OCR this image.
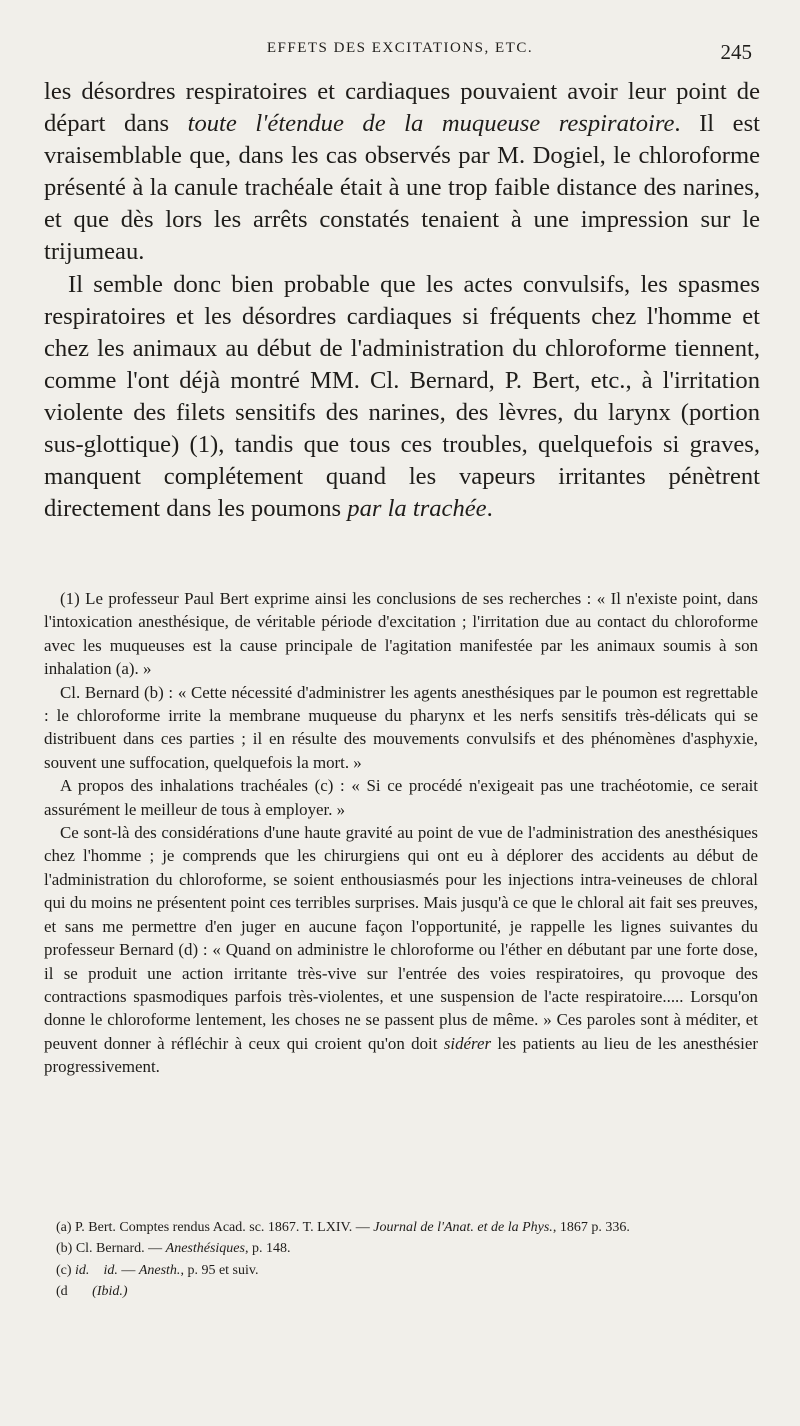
EFFETS DES EXCITATIONS, ETC.	245

les désordres respiratoires et cardiaques pouvaient avoir leur point de départ dans toute l'étendue de la muqueuse respiratoire. Il est vraisemblable que, dans les cas observés par M. Dogiel, le chloroforme présenté à la canule trachéale était à une trop faible distance des narines, et que dès lors les arrêts constatés tenaient à une impression sur le trijumeau.

Il semble donc bien probable que les actes convulsifs, les spasmes respiratoires et les désordres cardiaques si fréquents chez l'homme et chez les animaux au début de l'administration du chloroforme tiennent, comme l'ont déjà montré MM. Cl. Bernard, P. Bert, etc., à l'irritation violente des filets sensitifs des narines, des lèvres, du larynx (portion sus-glottique) (1), tandis que tous ces troubles, quelquefois si graves, manquent complétement quand les vapeurs irritantes pénètrent directement dans les poumons par la trachée.

(1) Le professeur Paul Bert exprime ainsi les conclusions de ses recherches : « Il n'existe point, dans l'intoxication anesthésique, de véritable période d'excitation ; l'irritation due au contact du chloroforme avec les muqueuses est la cause principale de l'agitation manifestée par les animaux soumis à son inhalation (a). »

Cl. Bernard (b) : « Cette nécessité d'administrer les agents anesthésiques par le poumon est regrettable : le chloroforme irrite la membrane muqueuse du pharynx et les nerfs sensitifs très-délicats qui se distribuent dans ces parties ; il en résulte des mouvements convulsifs et des phénomènes d'asphyxie, souvent une suffocation, quelquefois la mort. »

A propos des inhalations trachéales (c) : « Si ce procédé n'exigeait pas une trachéotomie, ce serait assurément le meilleur de tous à employer. »

Ce sont-là des considérations d'une haute gravité au point de vue de l'administration des anesthésiques chez l'homme ; je comprends que les chirurgiens qui ont eu à déplorer des accidents au début de l'administration du chloroforme, se soient enthousiasmés pour les injections intra-veineuses de chloral qui du moins ne présentent point ces terribles surprises. Mais jusqu'à ce que le chloral ait fait ses preuves, et sans me permettre d'en juger en aucune façon l'opportunité, je rappelle les lignes suivantes du professeur Bernard (d) : « Quand on administre le chloroforme ou l'éther en débutant par une forte dose, il se produit une action irritante très-vive sur l'entrée des voies respiratoires, qu provoque des contractions spasmodiques parfois très-violentes, et une suspension de l'acte respiratoire..... Lorsqu'on donne le chloroforme lentement, les choses ne se passent plus de même. » Ces paroles sont à méditer, et peuvent donner à réfléchir à ceux qui croient qu'on doit sidérer les patients au lieu de les anesthésier progressivement.

(a) P. Bert. Comptes rendus Acad. sc. 1867. T. LXIV. — Journal de l'Anat. et de la Phys., 1867 p. 336.

(b) Cl. Bernard. — Anesthésiques, p. 148.

(c) id. id. — Anesth., p. 95 et suiv.

(d       (Ibid.)
